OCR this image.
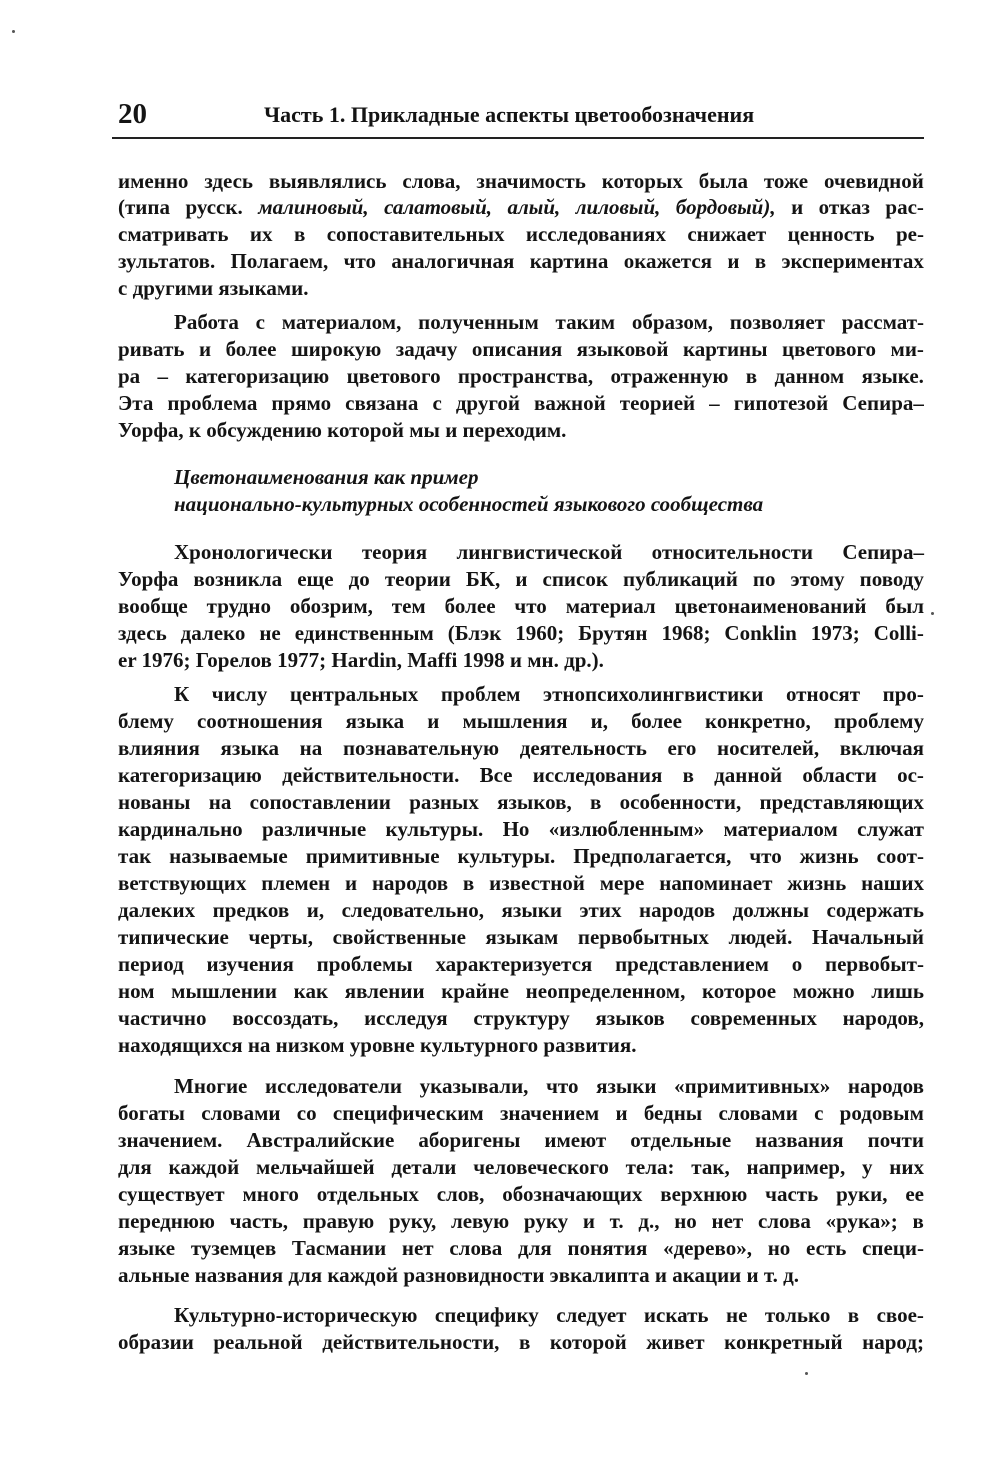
20	Часть 1. Прикладные аспекты цветообозначения
именно здесь выявлялись слова, значимость которых была тоже очевидной
(типа русск. малиновый, салатовый, алый, лиловый, бордовый), и отказ рас-
сматривать их в сопоставительных исследованиях снижает ценность ре-
зультатов. Полагаем, что аналогичная картина окажется и в экспериментах
с другими языками.
Работа с материалом, полученным таким образом, позволяет рассмат-
ривать и более широкую задачу описания языковой картины цветового ми-
ра – категоризацию цветового пространства, отраженную в данном языке.
Эта проблема прямо связана с другой важной теорией – гипотезой Сепира–
Уорфа, к обсуждению которой мы и переходим.
Цветонаименования как пример
национально-культурных особенностей языкового сообщества
Хронологически теория лингвистической относительности Сепира–
Уорфа возникла еще до теории БК, и список публикаций по этому поводу
вообще трудно обозрим, тем более что материал цветонаименований был
здесь далеко не единственным (Блэк 1960; Брутян 1968; Conklin 1973; Colli-
er 1976; Горелов 1977; Hardin, Maffi 1998 и мн. др.).
К числу центральных проблем этнопсихолингвистики относят про-
блему соотношения языка и мышления и, более конкретно, проблему
влияния языка на познавательную деятельность его носителей, включая
категоризацию действительности. Все исследования в данной области ос-
нованы на сопоставлении разных языков, в особенности, представляющих
кардинально различные культуры. Но «излюбленным» материалом служат
так называемые примитивные культуры. Предполагается, что жизнь соот-
ветствующих племен и народов в известной мере напоминает жизнь наших
далеких предков и, следовательно, языки этих народов должны содержать
типические черты, свойственные языкам первобытных людей. Начальный
период изучения проблемы характеризуется представлением о первобыт-
ном мышлении как явлении крайне неопределенном, которое можно лишь
частично воссоздать, исследуя структуру языков современных народов,
находящихся на низком уровне культурного развития.
Многие исследователи указывали, что языки «примитивных» народов
богаты словами со специфическим значением и бедны словами с родовым
значением. Австралийские аборигены имеют отдельные названия почти
для каждой мельчайшей детали человеческого тела: так, например, у них
существует много отдельных слов, обозначающих верхнюю часть руки, ее
переднюю часть, правую руку, левую руку и т. д., но нет слова «рука»; в
языке туземцев Тасмании нет слова для понятия «дерево», но есть специ-
альные названия для каждой разновидности эвкалипта и акации и т. д.
Культурно-историческую специфику следует искать не только в свое-
образии реальной действительности, в которой живет конкретный народ;
